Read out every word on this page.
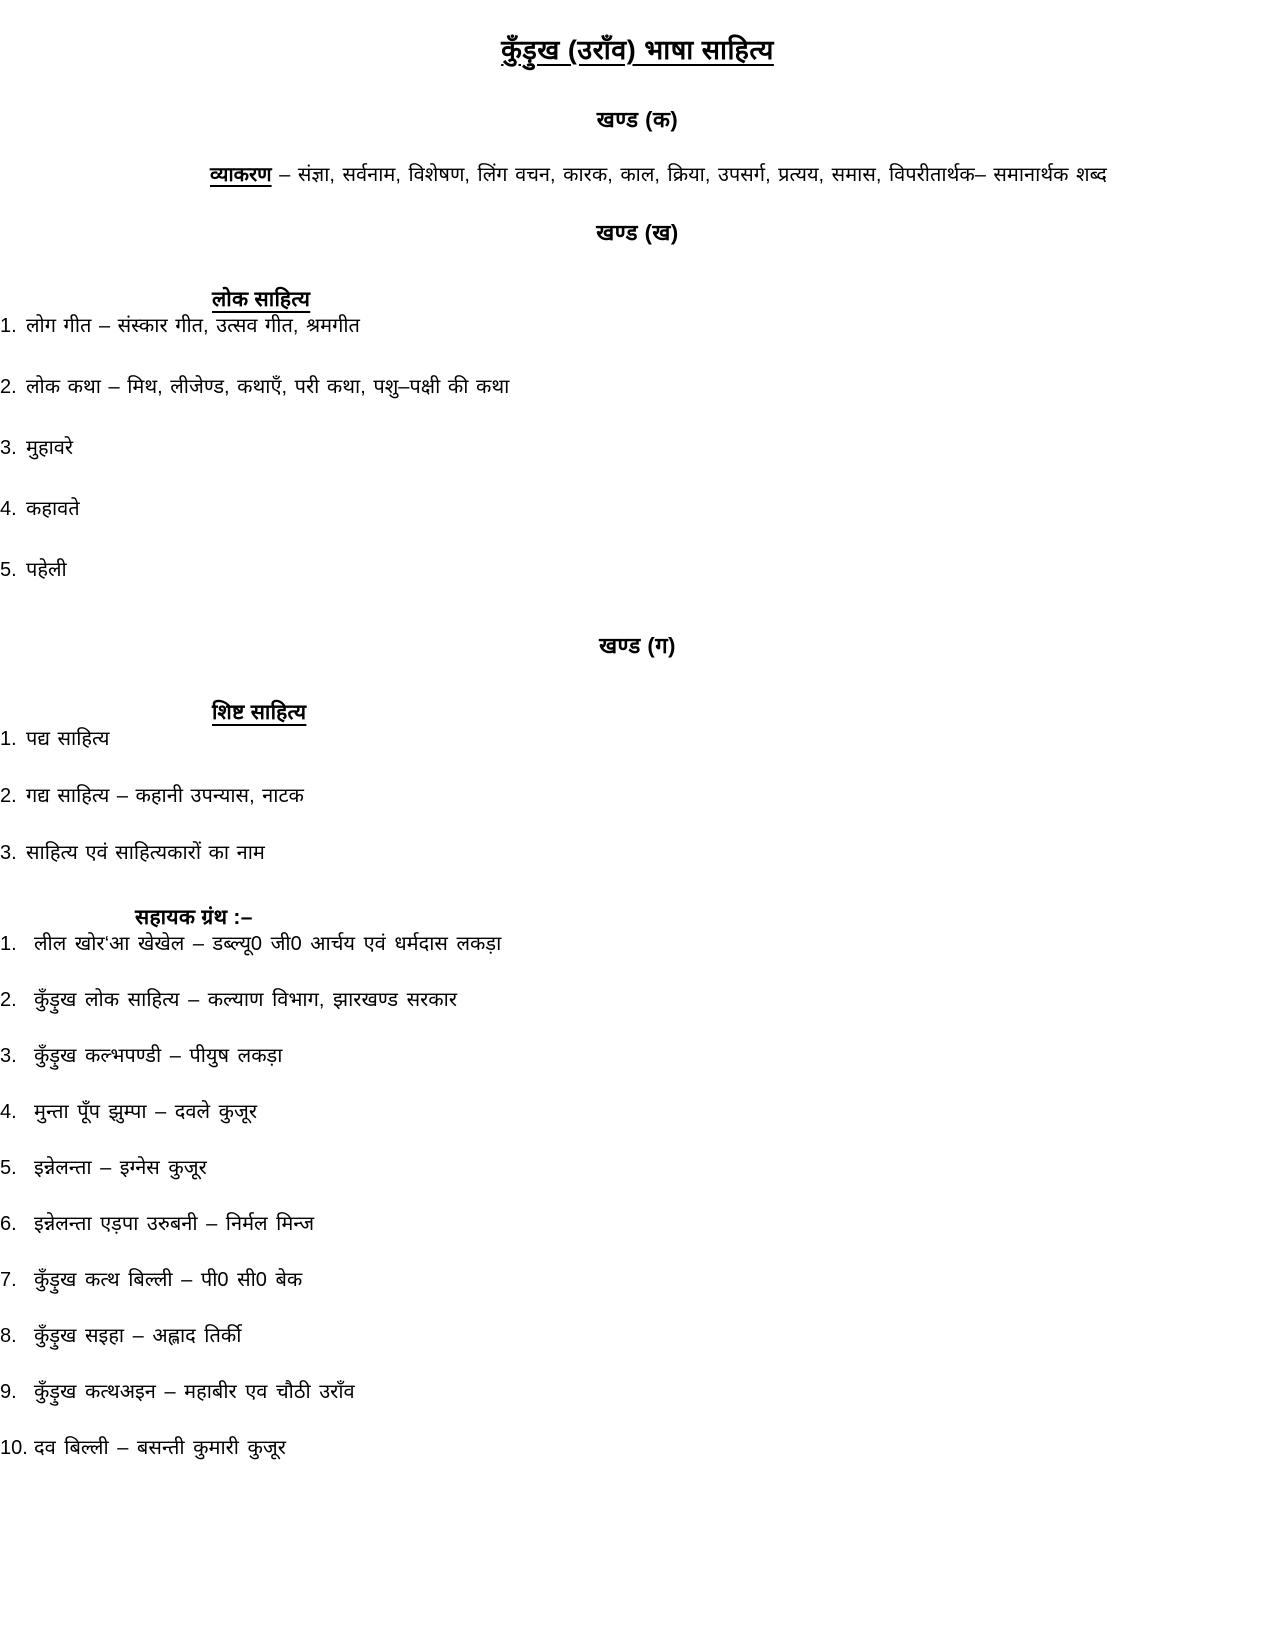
कुँड़ुख (उराँव) भाषा साहित्य
खण्ड (क)
व्याकरण – संज्ञा, सर्वनाम, विशेषण, लिंग वचन, कारक, काल, क्रिया, उपसर्ग, प्रत्यय, समास, विपरीतार्थक– समानार्थक शब्द
खण्ड (ख)
लोक साहित्य
1. लोग गीत – संस्कार गीत, उत्सव गीत, श्रमगीत
2. लोक कथा – मिथ, लीजेण्ड, कथाएँ, परी कथा, पशु–पक्षी की कथा
3. मुहावरे
4. कहावते
5. पहेली
खण्ड (ग)
शिष्ट साहित्य
1. पद्य साहित्य
2. गद्य साहित्य – कहानी उपन्यास, नाटक
3. साहित्य एवं साहित्यकारों का नाम
सहायक ग्रंथ :–
1. लील खोर‘आ खेखेल – डब्ल्यू0 जी0 आर्चय एवं धर्मदास लकड़ा
2. कुँड़ुख लोक साहित्य – कल्याण विभाग, झारखण्ड सरकार
3. कुँड़ुख कल्भपण्डी – पीयुष लकड़ा
4. मुन्ता पूँप झुम्पा – दवले कुजूर
5. इन्नेलन्ता – इग्नेस कुजूर
6. इन्नेलन्ता एड़पा उरुबनी – निर्मल मिन्ज
7. कुँड़ुख कत्थ बिल्ली – पी0 सी0 बेक
8. कुँड़ुख सइहा – अह्लाद तिर्की
9. कुँड़ुख कत्थअइन – महाबीर एव चौठी उराँव
10. दव बिल्ली – बसन्ती कुमारी कुजूर
